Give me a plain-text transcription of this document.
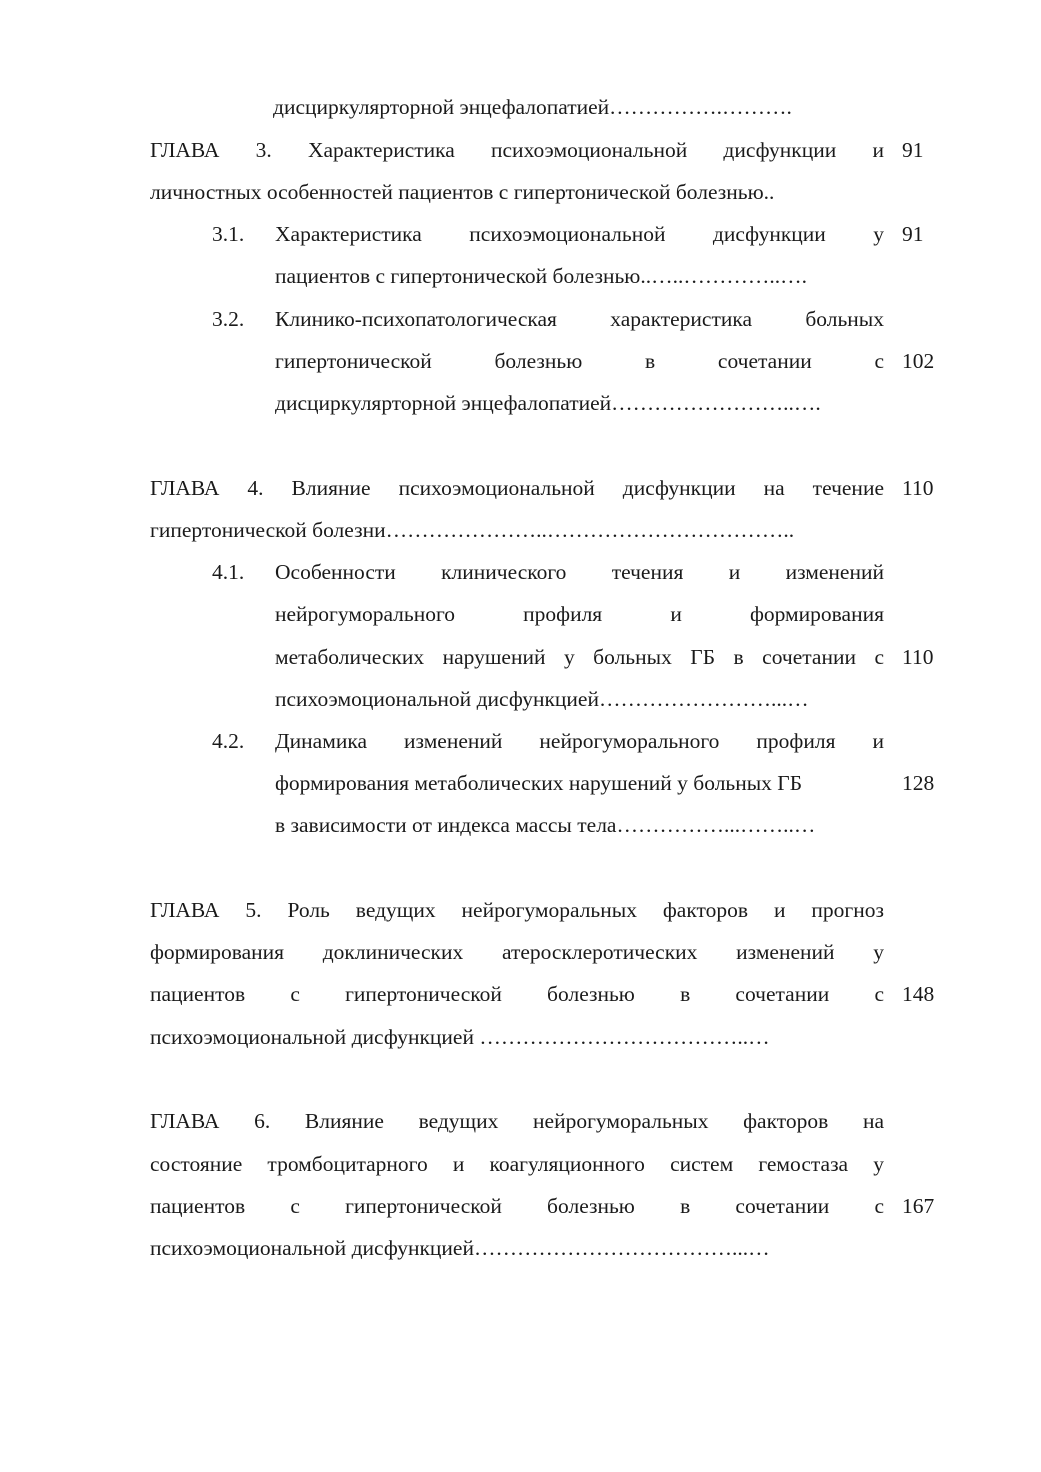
дисциркулярторной энцефалопатией…………….……….
ГЛАВА 3. Характеристика психоэмоциональной дисфункции и 91
личностных особенностей пациентов с гипертонической болезнью..
3.1.	Характеристика психоэмоциональной дисфункции у 91
пациентов с гипертонической болезнью..…..…………..….
3.2.	Клинико-психопатологическая характеристика больных
гипертонической болезнью в сочетании с 102
дисциркулярторной энцефалопатией……………………..….
ГЛАВА 4. Влияние психоэмоциональной дисфункции на течение 110
гипертонической болезни…………………..……………………………..
4.1.	Особенности клинического течения и изменений
нейрогуморального профиля и формирования
метаболических нарушений у больных ГБ в сочетании с 110
психоэмоциональной дисфункцией……………………...…
4.2.	Динамика изменений нейрогуморального профиля и
формирования метаболических нарушений у больных ГБ	128
в зависимости от индекса массы тела……………...……..…
ГЛАВА 5. Роль ведущих нейрогуморальных факторов и прогноз
формирования доклинических атеросклеротических изменений у
пациентов с гипертонической болезнью в сочетании с 148
психоэмоциональной дисфункцией ………………………………..…
ГЛАВА 6. Влияние ведущих нейрогуморальных факторов на
состояние тромбоцитарного и коагуляционного систем гемостаза у
пациентов с гипертонической болезнью в сочетании с 167
психоэмоциональной дисфункцией………………………………...…
